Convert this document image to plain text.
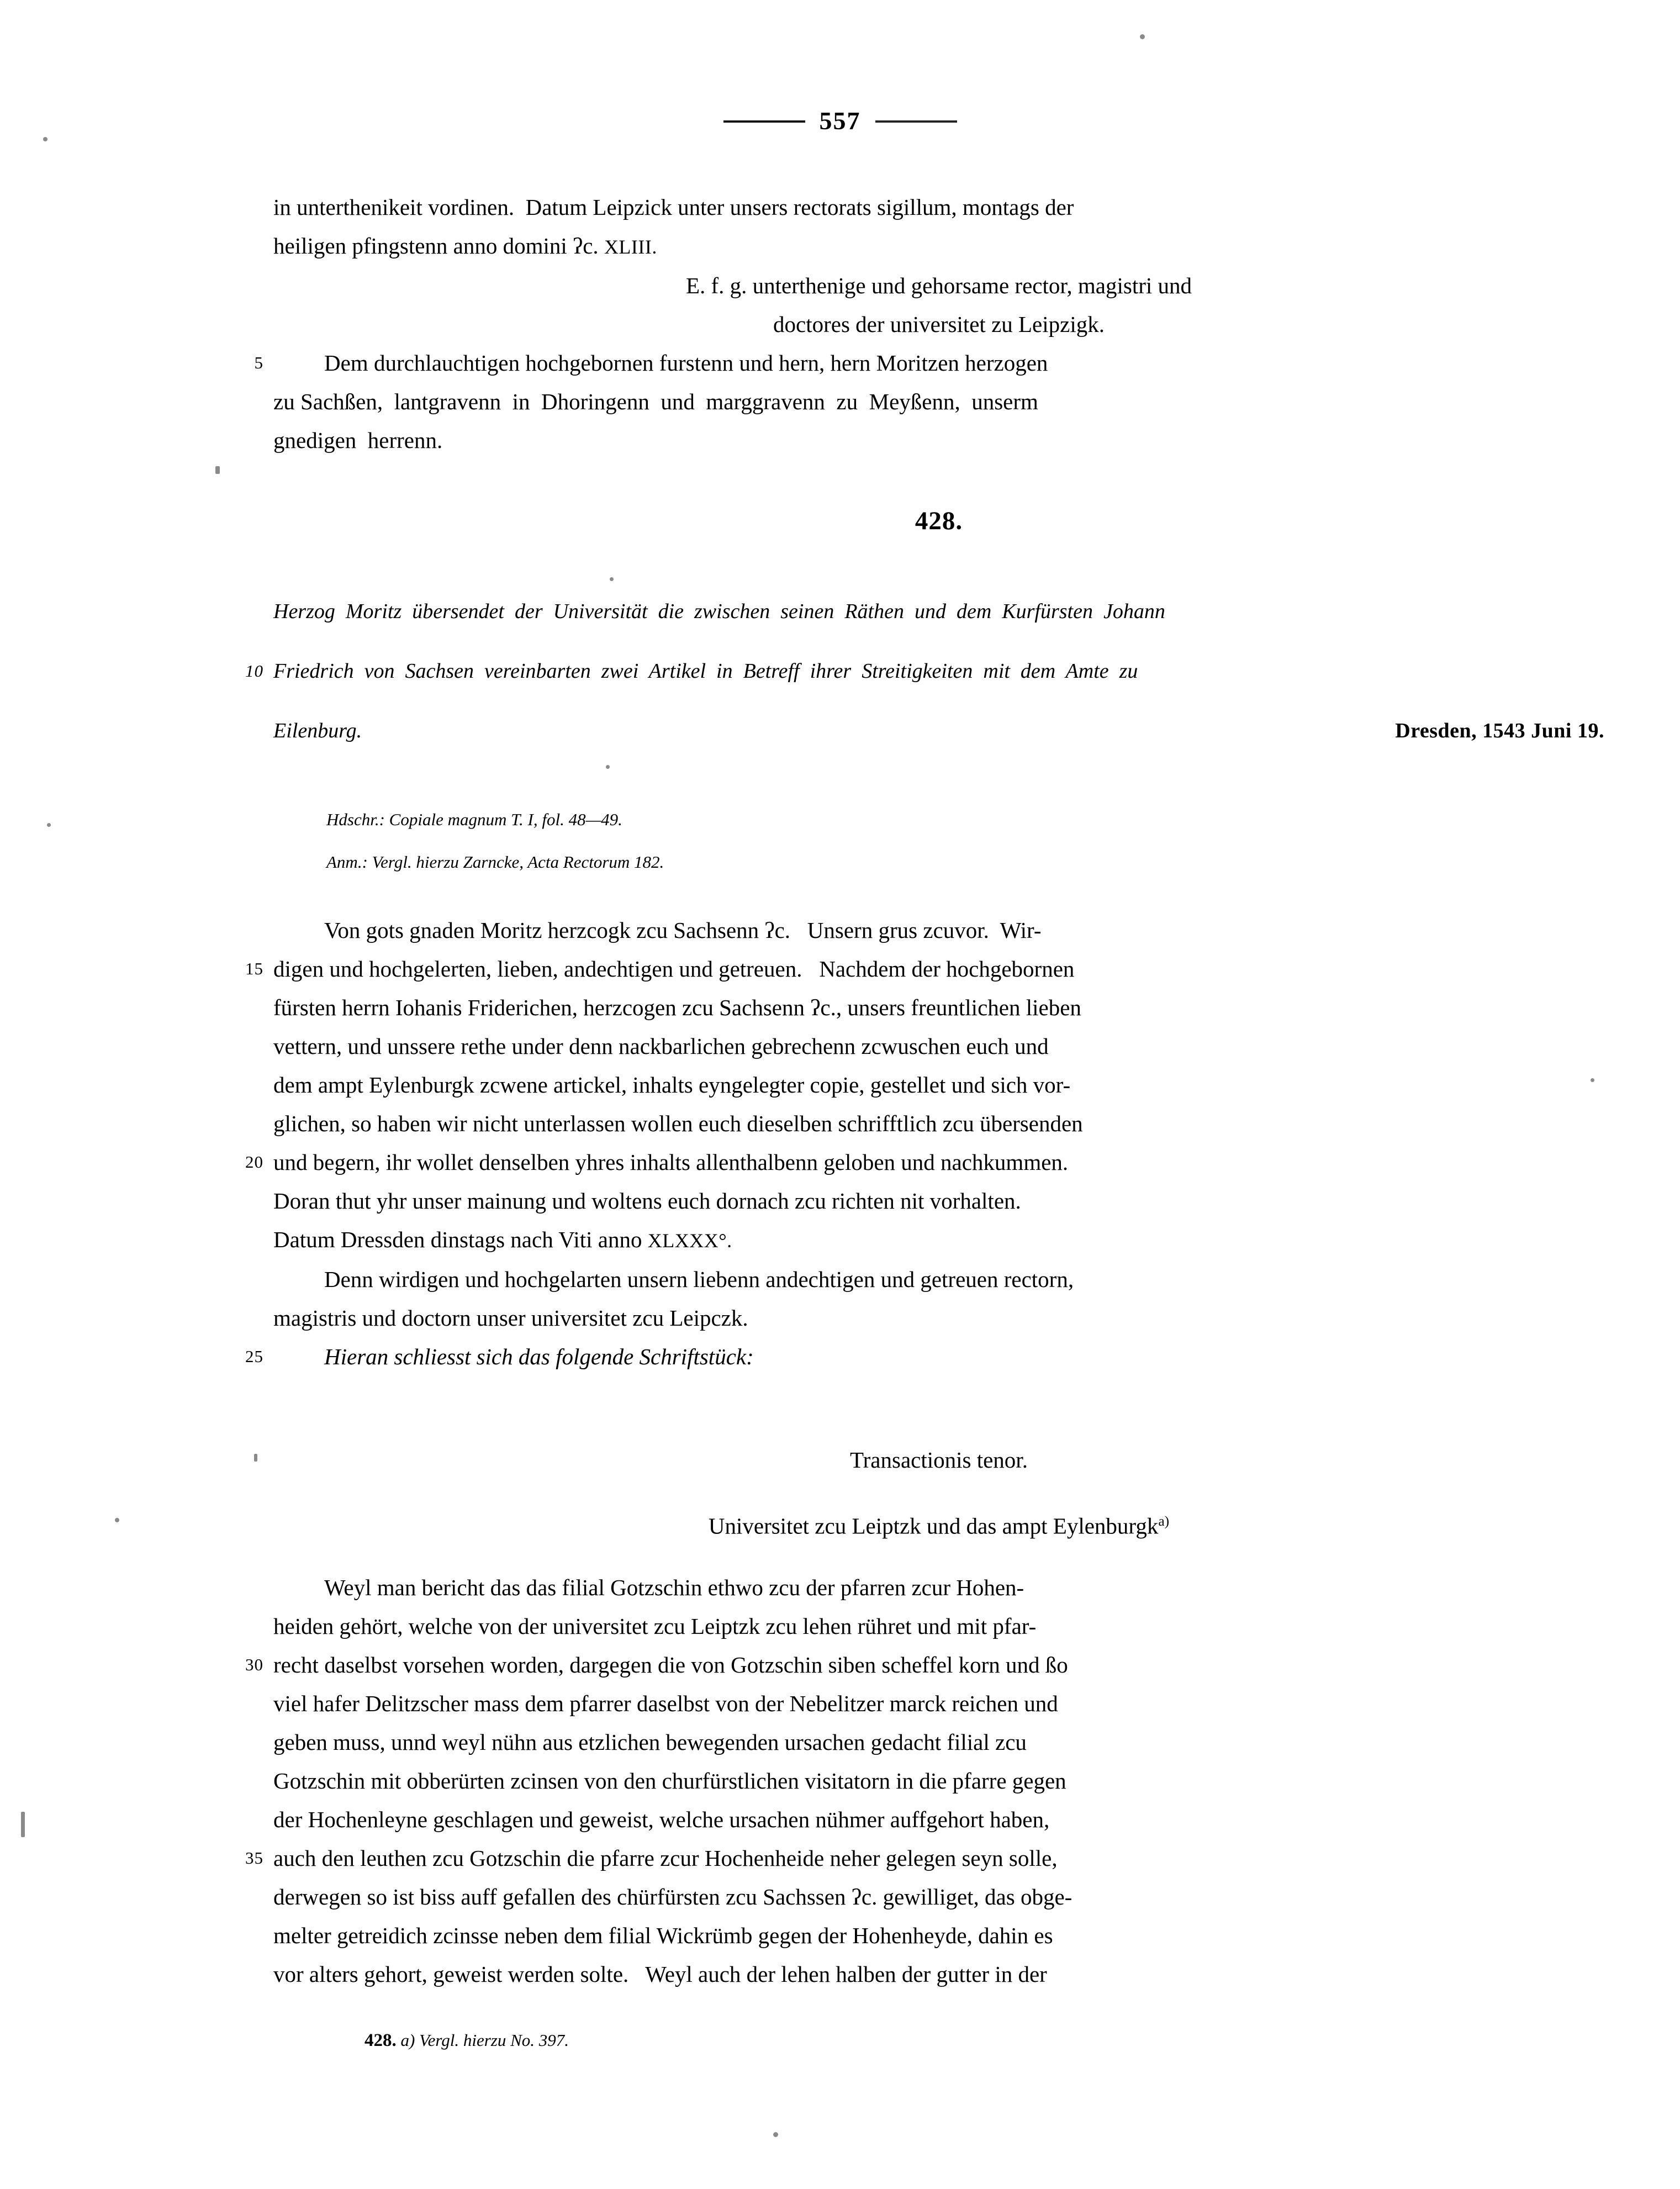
557

in unterthenikeit vordinen.  Datum Leipzick unter unsers rectorats sigillum, montags der

heiligen pfingstenn anno domini ʔc. XLIII.

E. f. g. unterthenige und gehorsame rector, magistri und

doctores der universitet zu Leipzigk.

5	Dem durchlauchtigen hochgebornen furstenn und hern, hern Moritzen herzogen

zu Sachßen,  lantgravenn  in  Dhoringenn  und  marggravenn  zu  Meyßenn,  unserm

gnedigen  herrenn.

428.

Herzog  Moritz  übersendet  der  Universität  die  zwischen  seinen  Räthen  und  dem  Kurfürsten  Johann

10 Friedrich  von  Sachsen  vereinbarten  zwei  Artikel  in  Betreff  ihrer  Streitigkeiten  mit  dem  Amte  zu

Dresden, 1543 Juni 19.
Eilenburg.

Hdschr.: Copiale magnum T. I, fol. 48—49.

Anm.: Vergl. hierzu Zarncke, Acta Rectorum 182.

Von gots gnaden Moritz herzcogk zcu Sachsenn ʔc.   Unsern grus zcuvor.  Wir-

15 digen und hochgelerten, lieben, andechtigen und getreuen.   Nachdem der hochgebornen

fürsten herrn Iohanis Friderichen, herzcogen zcu Sachsenn ʔc., unsers freuntlichen lieben

vettern, und unssere rethe under denn nackbarlichen gebrechenn zcwuschen euch und

dem ampt Eylenburgk zcwene artickel, inhalts eyngelegter copie, gestellet und sich vor-

glichen, so haben wir nicht unterlassen wollen euch dieselben schrifftlich zcu übersenden

20 und begern, ihr wollet denselben yhres inhalts allenthalbenn geloben und nachkummen.

Doran thut yhr unser mainung und woltens euch dornach zcu richten nit vorhalten.

Datum Dressden dinstags nach Viti anno XLXXX°.

Denn wirdigen und hochgelarten unsern liebenn andechtigen und getreuen rectorn,

magistris und doctorn unser universitet zcu Leipczk.

25	Hieran schliesst sich das folgende Schriftstück:

Transactionis tenor.

Universitet zcu Leiptzk und das ampt Eylenburgk$^{a)}$

Weyl man bericht das das filial Gotzschin ethwo zcu der pfarren zcur Hohen-

heiden gehört, welche von der universitet zcu Leiptzk zcu lehen rühret und mit pfar-

30 recht daselbst vorsehen worden, dargegen die von Gotzschin siben scheffel korn und ßo

viel hafer Delitzscher mass dem pfarrer daselbst von der Nebelitzer marck reichen und

geben muss, unnd weyl nühn aus etzlichen bewegenden ursachen gedacht filial zcu

Gotzschin mit obberürten zcinsen von den churfürstlichen visitatorn in die pfarre gegen

der Hochenleyne geschlagen und geweist, welche ursachen nühmer auffgehort haben,

35 auch den leuthen zcu Gotzschin die pfarre zcur Hochenheide neher gelegen seyn solle,

derwegen so ist biss auff gefallen des chürfürsten zcu Sachssen ʔc. gewilliget, das obge-

melter getreidich zcinsse neben dem filial Wickrümb gegen der Hohenheyde, dahin es

vor alters gehort, geweist werden solte.   Weyl auch der lehen halben der gutter in der

428. a) Vergl. hierzu No. 397.
